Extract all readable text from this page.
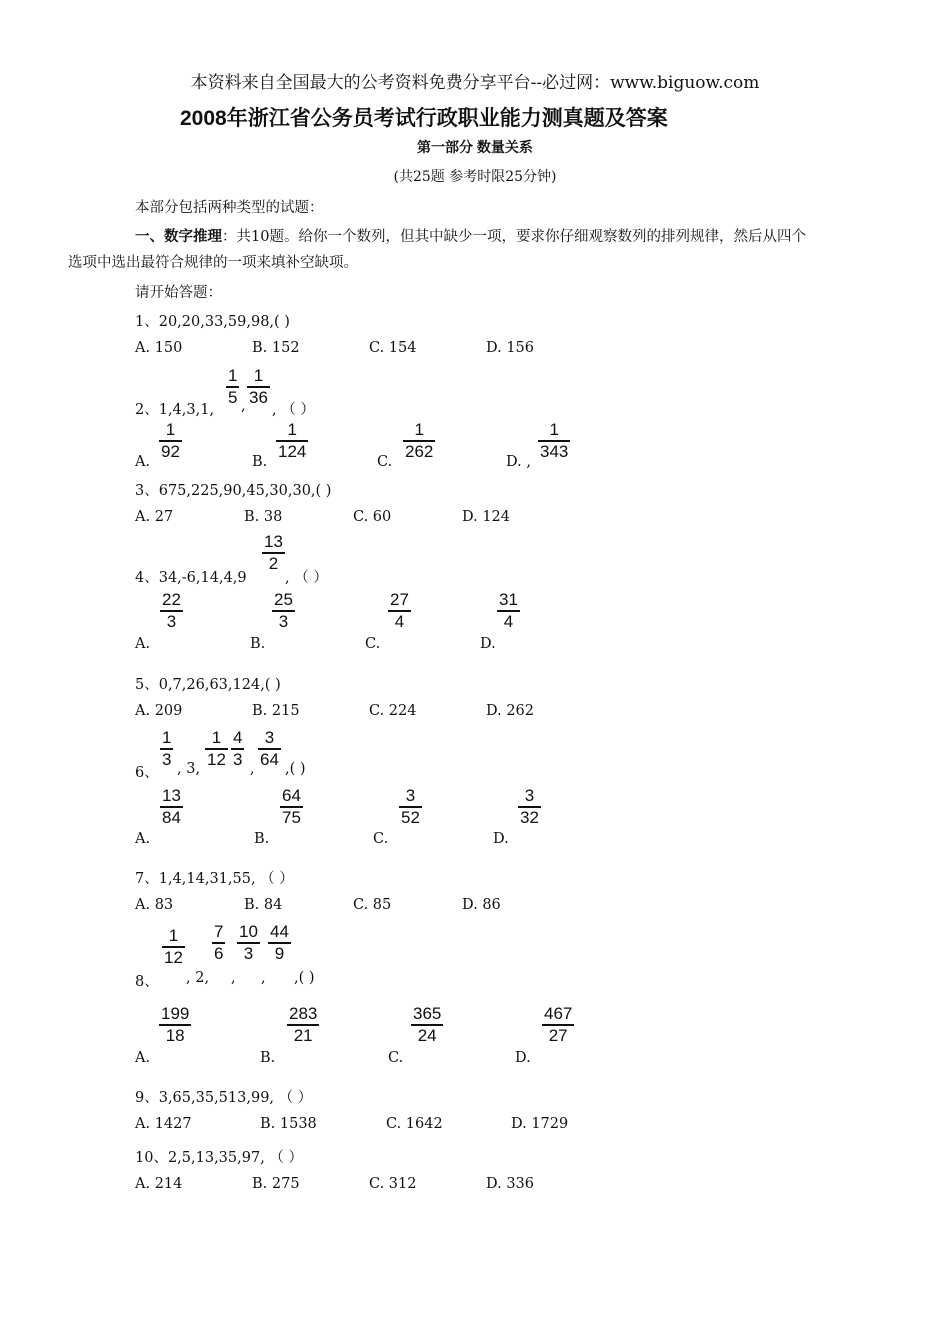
本资料来自全国最大的公考资料免费分享平台--必过网：www.biguow.com
2008年浙江省公务员考试行政职业能力测真题及答案
第一部分 数量关系
(共25题 参考时限25分钟)
本部分包括两种类型的试题：
一、数字推理：共10题。给你一个数列，但其中缺少一项，要求你仔细观察数列的排列规律，然后从四个
选项中选出最符合规律的一项来填补空缺项。
请开始答题：
1、20,20,33,59,98,( )
A. 150	B. 152	C. 154	D. 156
2、1,4,3,1,
1
5 ,
1
36
, （ ）
A.
1
92
B.
1
124
C.
1
262
D. ,
1
343
3、675,225,90,45,30,30,( )
A. 27	B. 38	C. 60	D. 124
4、34,-6,14,4,9
13
2
, （ ）
A.
22
3
B.
25
3
C.
27
4
D.
31
4
5、0,7,26,63,124,( )
A. 209	B. 215	C. 224	D. 262
6、
1
3
, 3,
1
12
4
3
,
3
64
,( )
A.
13
84
B.
64
75
C.
3
52
D.
3
32
7、1,4,14,31,55, （ ）
A. 83	B. 84	C. 85	D. 86
1
12
7
6
10
3
44
9
8、 , 2, , , ,( )
A.
199
18
B.
283
21
C.
365
24
D.
467
27
9、3,65,35,513,99, （ ）
A. 1427	B. 1538	C. 1642	D. 1729
10、2,5,13,35,97, （ ）
A. 214	B. 275	C. 312	D. 336
